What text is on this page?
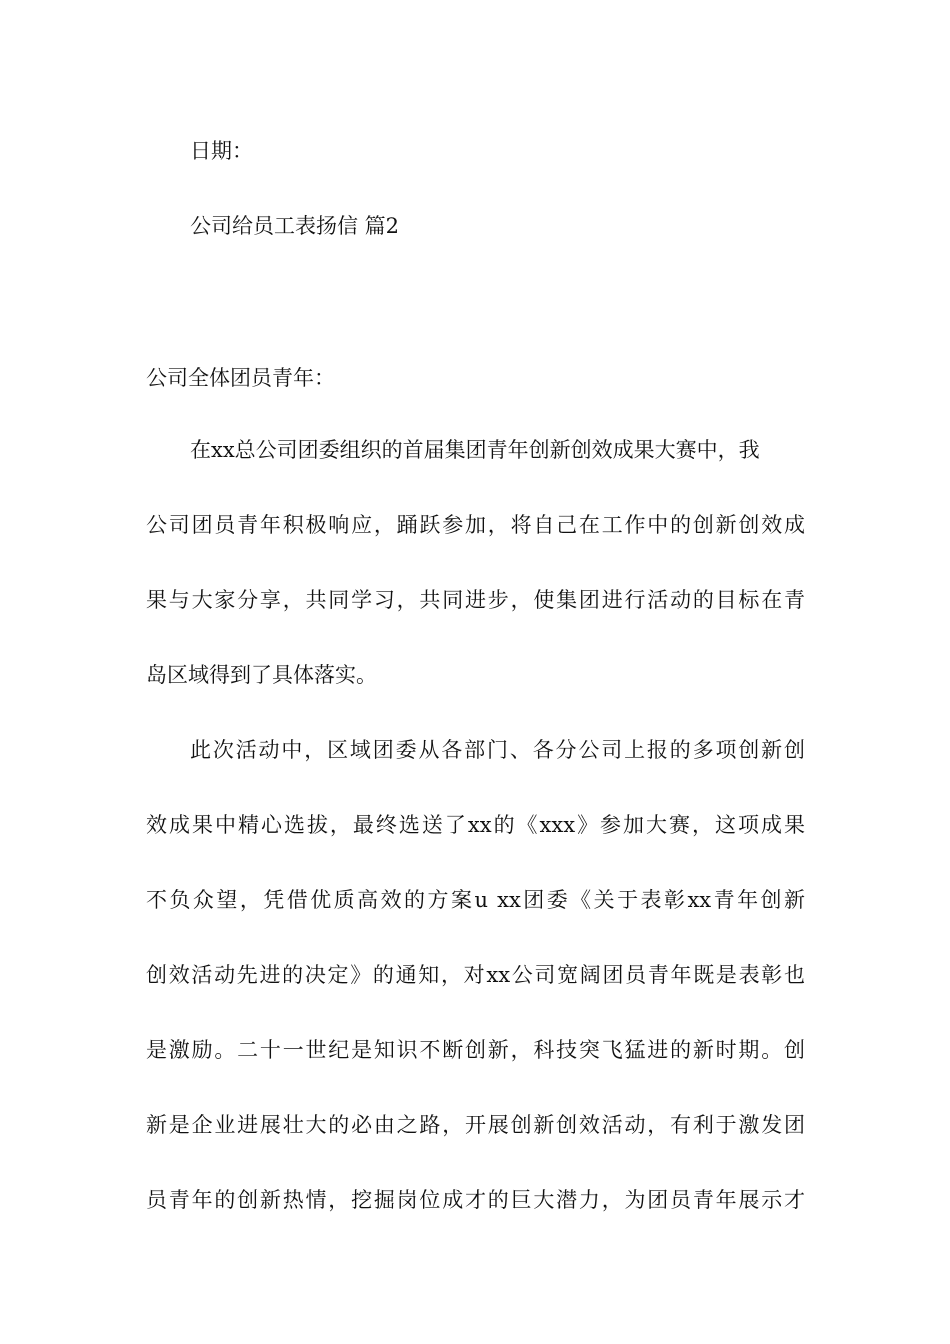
日期：
公司给员工表扬信 篇2
公司全体团员青年：
在xx总公司团委组织的首届集团青年创新创效成果大赛中，我
公司团员青年积极响应，踊跃参加，将自己在工作中的创新创效成
果与大家分享，共同学习，共同进步，使集团进行活动的目标在青
岛区域得到了具体落实。
此次活动中，区域团委从各部门、各分公司上报的多项创新创
效成果中精心选拔，最终选送了xx的《xxx》参加大赛，这项成果
不负众望，凭借优质高效的方案u xx团委《关于表彰xx青年创新
创效活动先进的决定》的通知，对xx公司宽阔团员青年既是表彰也
是激励。二十一世纪是知识不断创新，科技突飞猛进的新时期。创
新是企业进展壮大的必由之路，开展创新创效活动，有利于激发团
员青年的创新热情，挖掘岗位成才的巨大潜力，为团员青年展示才
